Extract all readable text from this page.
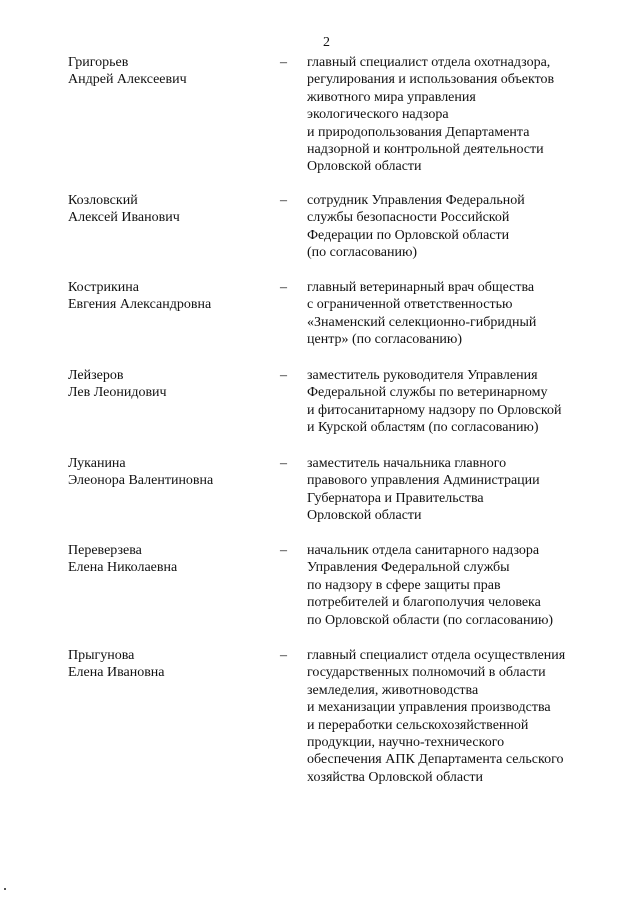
2
Григорьев
Андрей Алексеевич
– главный специалист отдела охотнадзора,
регулирования и использования объектов
животного мира управления
экологического надзора
и природопользования Департамента
надзорной и контрольной деятельности
Орловской области
Козловский
Алексей Иванович
– сотрудник Управления Федеральной
службы безопасности Российской
Федерации по Орловской области
(по согласованию)
Кострикина
Евгения Александровна
– главный ветеринарный врач общества
с ограниченной ответственностью
«Знаменский селекционно-гибридный
центр» (по согласованию)
Лейзеров
Лев Леонидович
– заместитель руководителя Управления
Федеральной службы по ветеринарному
и фитосанитарному надзору по Орловской
и Курской областям (по согласованию)
Луканина
Элеонора Валентиновна
– заместитель начальника главного
правового управления Администрации
Губернатора и Правительства
Орловской области
Переверзева
Елена Николаевна
– начальник отдела санитарного надзора
Управления Федеральной службы
по надзору в сфере защиты прав
потребителей и благополучия человека
по Орловской области (по согласованию)
Прыгунова
Елена Ивановна
– главный специалист отдела осуществления
государственных полномочий в области
земледелия, животноводства
и механизации управления производства
и переработки сельскохозяйственной
продукции, научно-технического
обеспечения АПК Департамента сельского
хозяйства Орловской области
